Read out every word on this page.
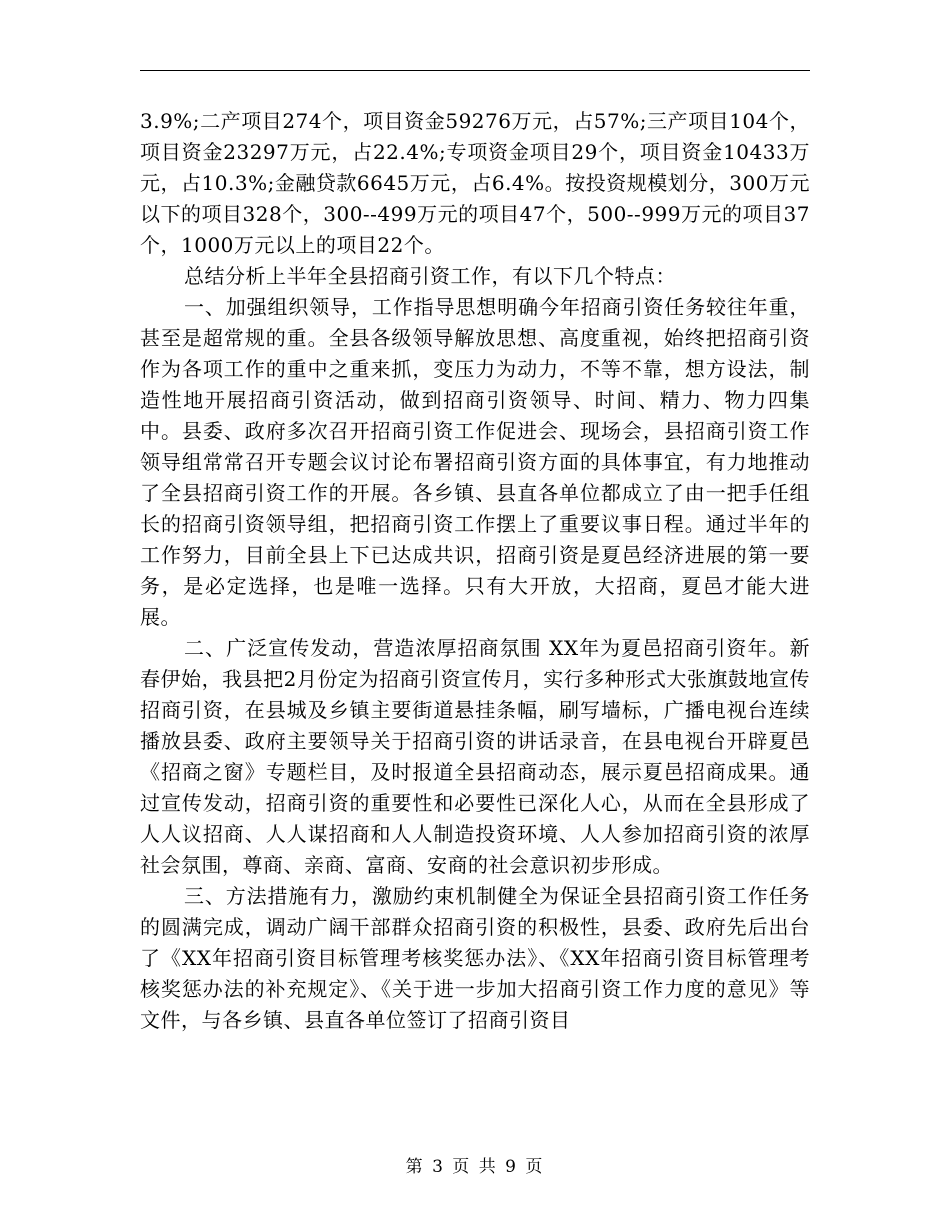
3.9%;二产项目274个，项目资金59276万元，占57%;三产项目104个，项目资金23297万元，占22.4%;专项资金项目29个，项目资金10433万元，占10.3%;金融贷款6645万元，占6.4%。按投资规模划分，300万元以下的项目328个，300--499万元的项目47个，500--999万元的项目37个，1000万元以上的项目22个。

总结分析上半年全县招商引资工作，有以下几个特点：

一、加强组织领导，工作指导思想明确今年招商引资任务较往年重，甚至是超常规的重。全县各级领导解放思想、高度重视，始终把招商引资作为各项工作的重中之重来抓，变压力为动力，不等不靠，想方设法，制造性地开展招商引资活动，做到招商引资领导、时间、精力、物力四集中。县委、政府多次召开招商引资工作促进会、现场会，县招商引资工作领导组常常召开专题会议讨论布署招商引资方面的具体事宜，有力地推动了全县招商引资工作的开展。各乡镇、县直各单位都成立了由一把手任组长的招商引资领导组，把招商引资工作摆上了重要议事日程。通过半年的工作努力，目前全县上下已达成共识，招商引资是夏邑经济进展的第一要务，是必定选择，也是唯一选择。只有大开放，大招商，夏邑才能大进展。

二、广泛宣传发动，营造浓厚招商氛围 XX年为夏邑招商引资年。新春伊始，我县把2月份定为招商引资宣传月，实行多种形式大张旗鼓地宣传招商引资，在县城及乡镇主要街道悬挂条幅，刷写墙标，广播电视台连续播放县委、政府主要领导关于招商引资的讲话录音，在县电视台开辟夏邑《招商之窗》专题栏目，及时报道全县招商动态，展示夏邑招商成果。通过宣传发动，招商引资的重要性和必要性已深化人心，从而在全县形成了人人议招商、人人谋招商和人人制造投资环境、人人参加招商引资的浓厚社会氛围，尊商、亲商、富商、安商的社会意识初步形成。

三、方法措施有力，激励约束机制健全为保证全县招商引资工作任务的圆满完成，调动广阔干部群众招商引资的积极性，县委、政府先后出台了《XX年招商引资目标管理考核奖惩办法》、《XX年招商引资目标管理考核奖惩办法的补充规定》、《关于进一步加大招商引资工作力度的意见》等文件，与各乡镇、县直各单位签订了招商引资目

第 3 页 共 9 页
